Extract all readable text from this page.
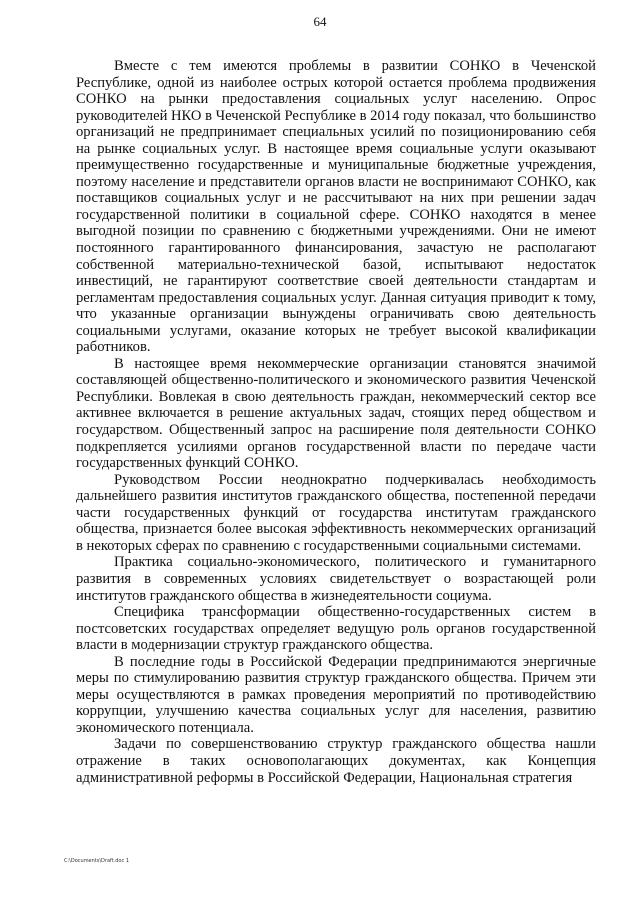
64

Вместе с тем имеются проблемы в развитии СОНКО в Чеченской Республике, одной из наиболее острых которой остается проблема продвижения СОНКО на рынки предоставления социальных услуг населению. Опрос руководителей НКО в Чеченской Республике в 2014 году показал, что большинство организаций не предпринимает специальных усилий по позиционированию себя на рынке социальных услуг. В настоящее время социальные услуги оказывают преимущественно государственные и муниципальные бюджетные учреждения, поэтому население и представители органов власти не воспринимают СОНКО, как поставщиков социальных услуг и не рассчитывают на них при решении задач государственной политики в социальной сфере. СОНКО находятся в менее выгодной позиции по сравнению с бюджетными учреждениями. Они не имеют постоянного гарантированного финансирования, зачастую не располагают собственной материально-технической базой, испытывают недостаток инвестиций, не гарантируют соответствие своей деятельности стандартам и регламентам предоставления социальных услуг. Данная ситуация приводит к тому, что указанные организации вынуждены ограничивать свою деятельность социальными услугами, оказание которых не требует высокой квалификации работников.

В настоящее время некоммерческие организации становятся значимой составляющей общественно-политического и экономического развития Чеченской Республики. Вовлекая в свою деятельность граждан, некоммерческий сектор все активнее включается в решение актуальных задач, стоящих перед обществом и государством. Общественный запрос на расширение поля деятельности СОНКО подкрепляется усилиями органов государственной власти по передаче части государственных функций СОНКО.

Руководством России неоднократно подчеркивалась необходимость дальнейшего развития институтов гражданского общества, постепенной передачи части государственных функций от государства институтам гражданского общества, признается более высокая эффективность некоммерческих организаций в некоторых сферах по сравнению с государственными социальными системами.

Практика социально-экономического, политического и гуманитарного развития в современных условиях свидетельствует о возрастающей роли институтов гражданского общества в жизнедеятельности социума.

Специфика трансформации общественно-государственных систем в постсоветских государствах определяет ведущую роль органов государственной власти в модернизации структур гражданского общества.

В последние годы в Российской Федерации предпринимаются энергичные меры по стимулированию развития структур гражданского общества. Причем эти меры осуществляются в рамках проведения мероприятий по противодействию коррупции, улучшению качества социальных услуг для населения, развитию экономического потенциала.

Задачи по совершенствованию структур гражданского общества нашли отражение в таких основополагающих документах, как Концепция административной реформы в Российской Федерации, Национальная стратегия

C:\Documents\Draft.doc 1
